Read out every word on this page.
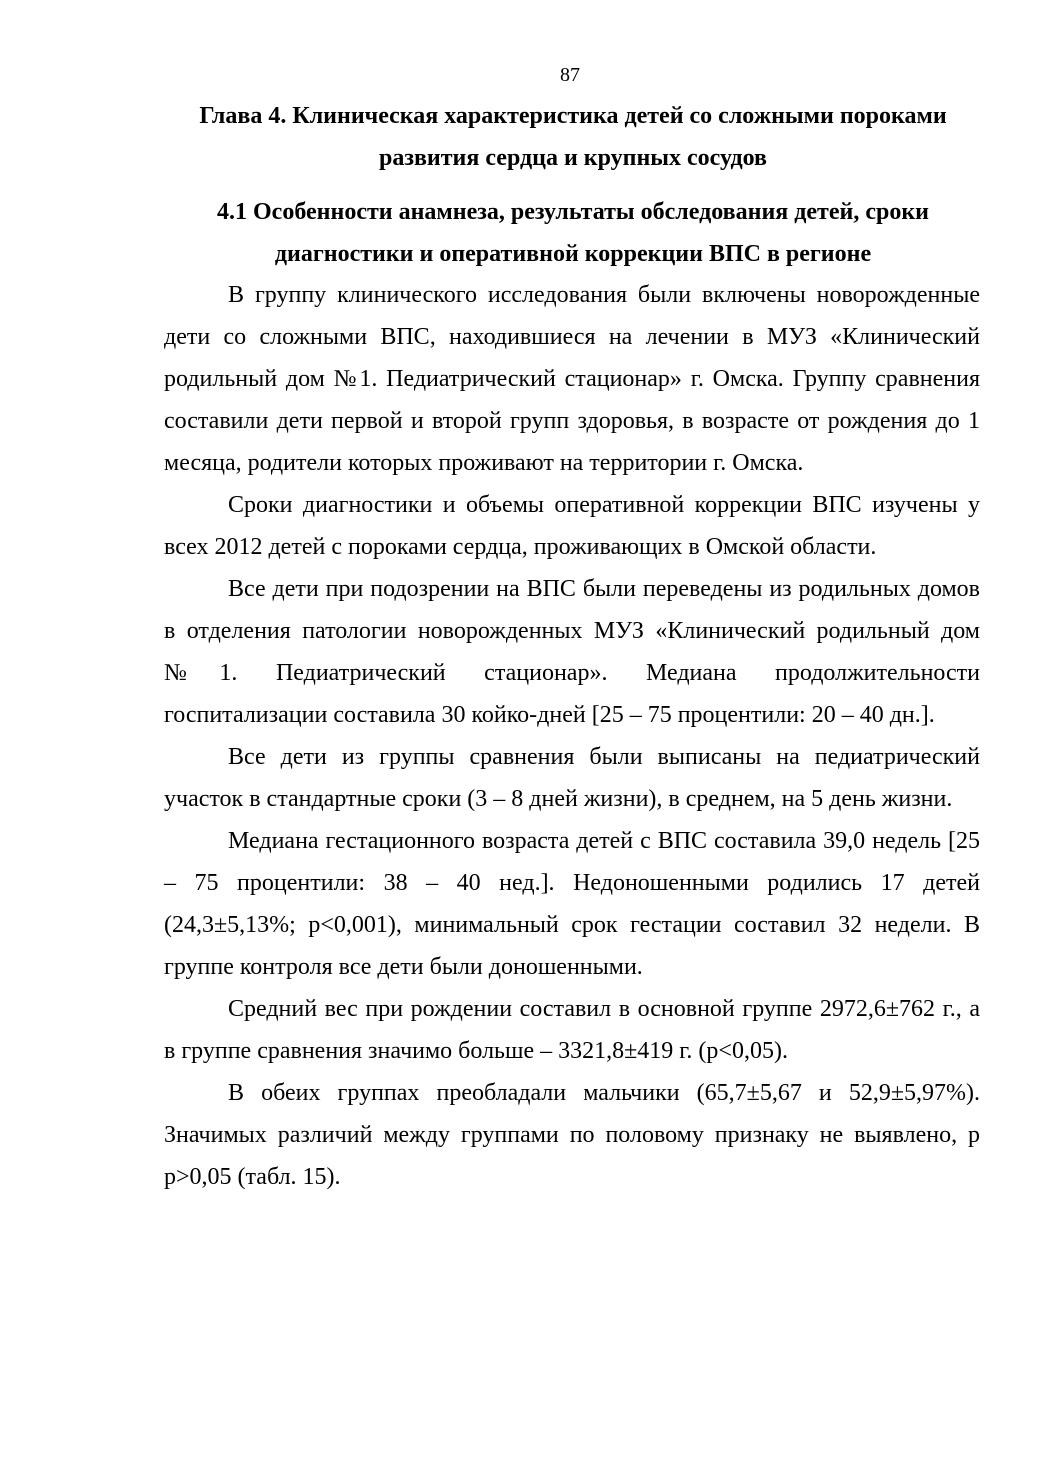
87
Глава 4. Клиническая характеристика детей со сложными пороками развития сердца и крупных сосудов
4.1 Особенности анамнеза, результаты обследования детей, сроки диагностики и оперативной коррекции ВПС в регионе

В группу клинического исследования были включены новорожденные дети со сложными ВПС, находившиеся на лечении в МУЗ «Клинический родильный дом №1. Педиатрический стационар» г. Омска. Группу сравнения составили дети первой и второй групп здоровья, в возрасте от рождения до 1 месяца, родители которых проживают на территории г. Омска.

Сроки диагностики и объемы оперативной коррекции ВПС изучены у всех 2012 детей с пороками сердца, проживающих в Омской области.

Все дети при подозрении на ВПС были переведены из родильных домов в отделения патологии новорожденных МУЗ «Клинический родильный дом №1. Педиатрический стационар». Медиана продолжительности госпитализации составила 30 койко-дней [25 – 75 процентили: 20 – 40 дн.].

Все дети из группы сравнения были выписаны на педиатрический участок в стандартные сроки (3 – 8 дней жизни), в среднем, на 5 день жизни.

Медиана гестационного возраста детей с ВПС составила 39,0 недель [25 – 75 процентили: 38 – 40 нед.]. Недоношенными родились 17 детей (24,3±5,13%; p<0,001), минимальный срок гестации составил 32 недели. В группе контроля все дети были доношенными.

Средний вес при рождении составил в основной группе 2972,6±762 г., а в группе сравнения значимо больше – 3321,8±419 г. (p<0,05).

В обеих группах преобладали мальчики (65,7±5,67 и 52,9±5,97%). Значимых различий между группами по половому признаку не выявлено, р p>0,05 (табл. 15).
